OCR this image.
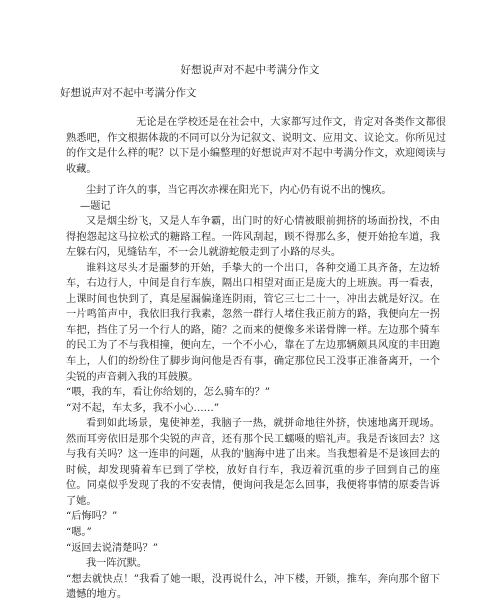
好想说声对不起中考满分作文
好想说声对不起中考满分作文
无论是在学校还是在社会中，大家都写过作文，肯定对各类作文都很熟悉吧，作文根据体裁的不同可以分为记叙文、说明文、应用文、议论文。你所见过的作文是什么样的呢？以下是小编整理的好想说声对不起中考满分作文，欢迎阅读与收藏。

尘封了许久的事，当它再次赤裸在阳光下，内心仍有说不出的愧疚。

—题记

又是烟尘纷飞，又是人车争霸，出门时的好心情被眼前拥挤的场面扮找，不由得抱怨起这马拉松式的糖路工程。一阵风刮起，顾不得那么多，便开始抢车道，我左躲右闪，见缝钻车，不一会儿就游蛇般走到了小路的尽头。

谁料这尽头才是噩梦的开始，手挚大的一个出口，各种交通工具齐备，左边轿车，右边行人，中间是自行车族，隔出口相望对面正是庞大的上班族。再一看表，上课时间也快到了，真是屋漏偏逢连阴雨，管它三七二十一，冲出去就是好汉。在一片鸣笛声中，我依旧我行我素，忽然一群行人堵住我正前方的路，我便向左一拐车把，挡住了另一个行人的路，随？之而来的便像多米诺骨牌一样。左边那个骑车的民工为了不与我相撞，便向左，一个不小心，靠在了左边那辆颇具风度的丰田跑车上，人们的纷纷住了脚步询问他是否有事，确定那位民工没事正准备离开，一个尖锐的声音刺入我的耳鼓膜。

“喂，我的车，看让你给划的，怎么骑车的？”

“对不起，车太多，我不小心……”

看到如此场景，鬼使神差，我脑子一热，就拼命地往外挤，快速地离开现场。然而耳旁依旧是那个尖锐的声音，还有那个民工蠕嗫的赔礼声。我是否该回去？这与我有关吗？这一连串的问题，从我的'脑海中进了出来。当我想着是不是该回去的时候，却发现骑着车已到了学校，放好自行车，我迈着沉重的步子回到自己的座位。同桌似乎发现了我的不安表情，便询问我是怎么回事，我便将事情的原委告诉了她。

“后悔吗？”

“嗯。”

“返回去说清楚吗？”

我一阵沉默。

“想去就快点！”我看了她一眼，没再说什么，冲下楼，开锁，推车，奔向那个留下遗憾的地方。
